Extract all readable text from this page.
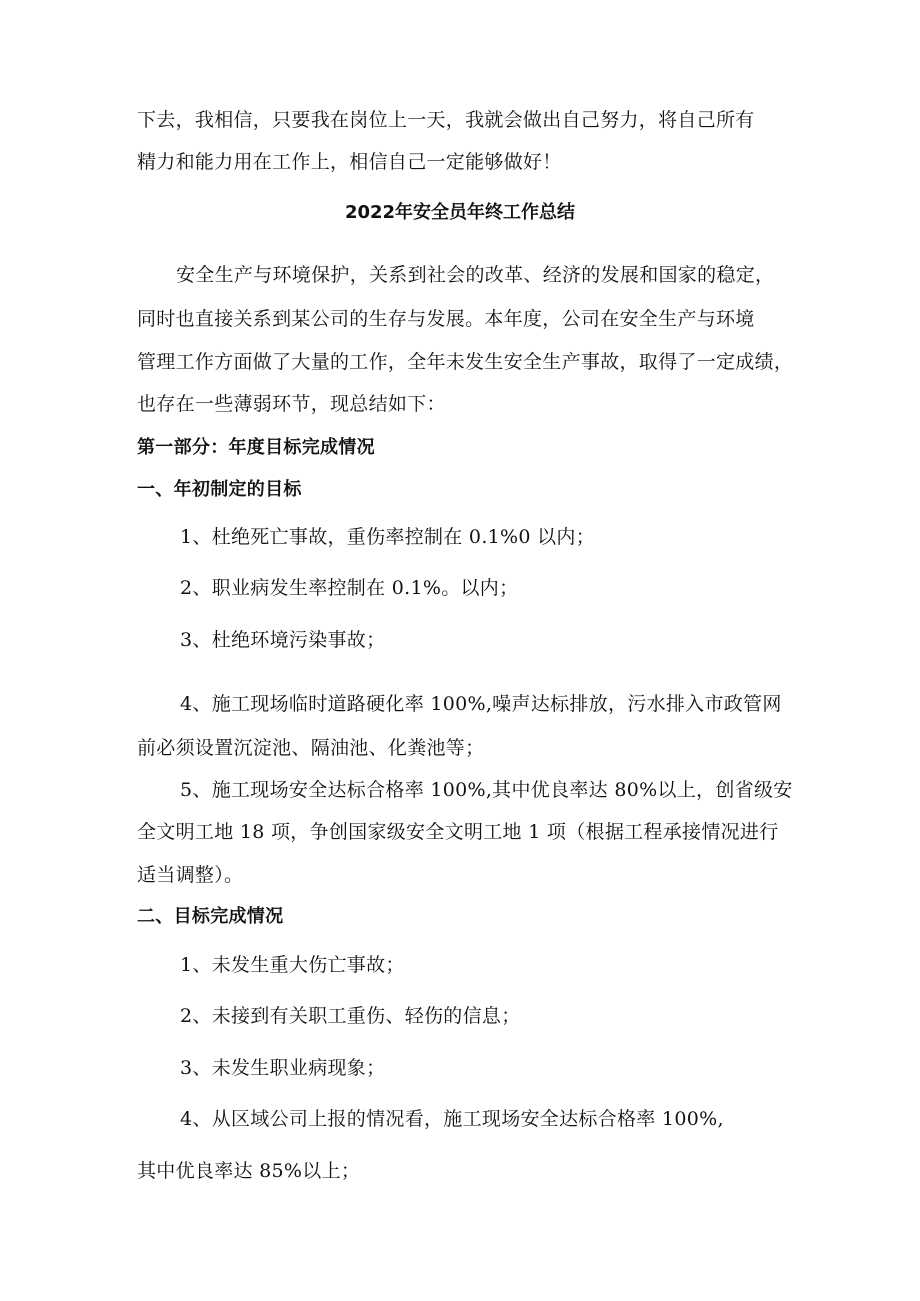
下去，我相信，只要我在岗位上一天，我就会做出自己努力，将自己所有
精力和能力用在工作上，相信自己一定能够做好！
2022年安全员年终工作总结
安全生产与环境保护，关系到社会的改革、经济的发展和国家的稳定，
同时也直接关系到某公司的生存与发展。本年度，公司在安全生产与环境
管理工作方面做了大量的工作，全年未发生安全生产事故，取得了一定成绩，
也存在一些薄弱环节，现总结如下：
第一部分：年度目标完成情况
一、年初制定的目标
1、杜绝死亡事故，重伤率控制在 0.1%0 以内；
2、职业病发生率控制在 0.1%。以内；
3、杜绝环境污染事故；
4、施工现场临时道路硬化率 100%,噪声达标排放，污水排入市政管网
前必须设置沉淀池、隔油池、化粪池等；
5、施工现场安全达标合格率 100%,其中优良率达 80%以上，创省级安
全文明工地 18 项，争创国家级安全文明工地 1 项（根据工程承接情况进行
适当调整）。
二、目标完成情况
1、未发生重大伤亡事故；
2、未接到有关职工重伤、轻伤的信息；
3、未发生职业病现象；
4、从区域公司上报的情况看，施工现场安全达标合格率 100%,
其中优良率达 85%以上；
